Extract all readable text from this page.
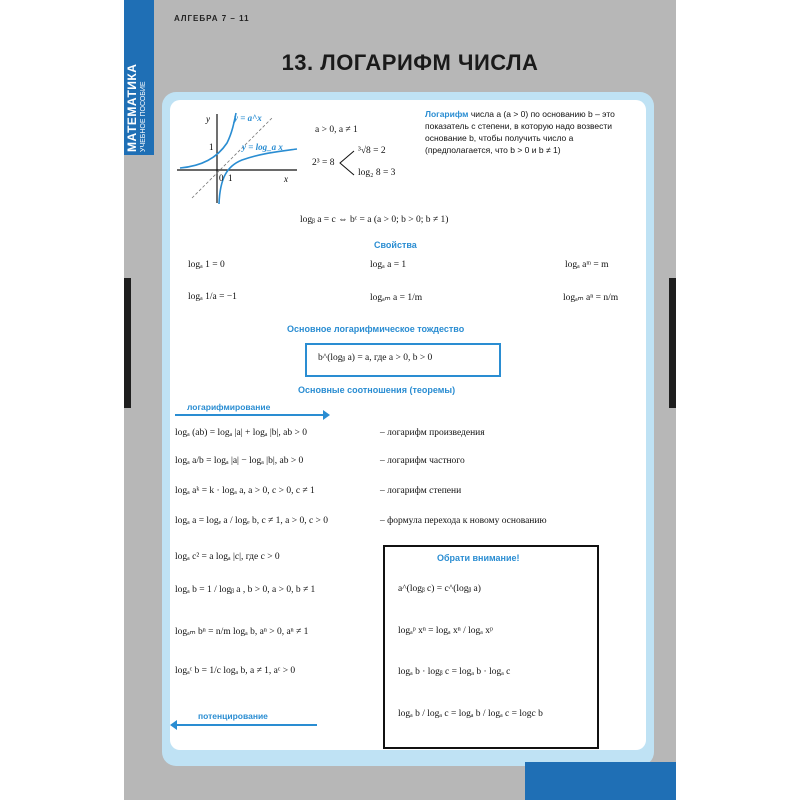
МАТЕМАТИКА УЧЕБНОЕ ПОСОБИЕ
АЛГЕБРА 7 – 11
13. ЛОГАРИФМ ЧИСЛА
y = a^x
y = log_a x
y
x
1
1
0
a > 0, a ≠ 1
2³ = 8
³√8 = 2
log₂ 8 = 3
Логарифм числа a (a > 0) по основанию b – это показатель c степени, в которую надо возвести основание b, чтобы получить число a (предполагается, что b > 0 и b ≠ 1)
logᵦ a = c ⇔ bᶜ = a (a > 0; b > 0; b ≠ 1)
Свойства
logₐ 1 = 0	logₐ a = 1	logₐ aᵐ = m
logₐ 1/a = −1	logₐₘ a = 1/m	logₐₘ aⁿ = n/m
Основное логарифмическое тождество
b^(logᵦ a) = a, где a > 0, b > 0
Основные соотношения (теоремы)
логарифмирование
logₐ (ab) = logₐ |a| + logₐ |b|, ab > 0	– логарифм произведения
logₐ a/b = logₐ |a| − logₐ |b|, ab > 0	– логарифм частного
logₐ aᵏ = k · logₐ a, a > 0, c > 0, c ≠ 1	– логарифм степени
logₐ a = logₑ a / logₑ b, c ≠ 1, a > 0, c > 0	– формула перехода к новому основанию
logₐ c² = a logₐ |c|, где c > 0
logₐ b = 1 / logᵦ a , b > 0, a > 0, b ≠ 1
logₐₘ bⁿ = n/m logₐ b, aⁿ > 0, aⁿ ≠ 1
logₐᶜ b = 1/c logₐ b, a ≠ 1, aᶜ > 0
потенцирование
Обрати внимание!
a^(logᵦ c) = c^(logᵦ a)
logₐᵖ xⁿ = logₐ xⁿ / logₐ xᵖ
logₐ b · logᵦ c = logₐ b · logₐ c
logₐ b / logₐ c = logₐ b / logₐ c = logc b
